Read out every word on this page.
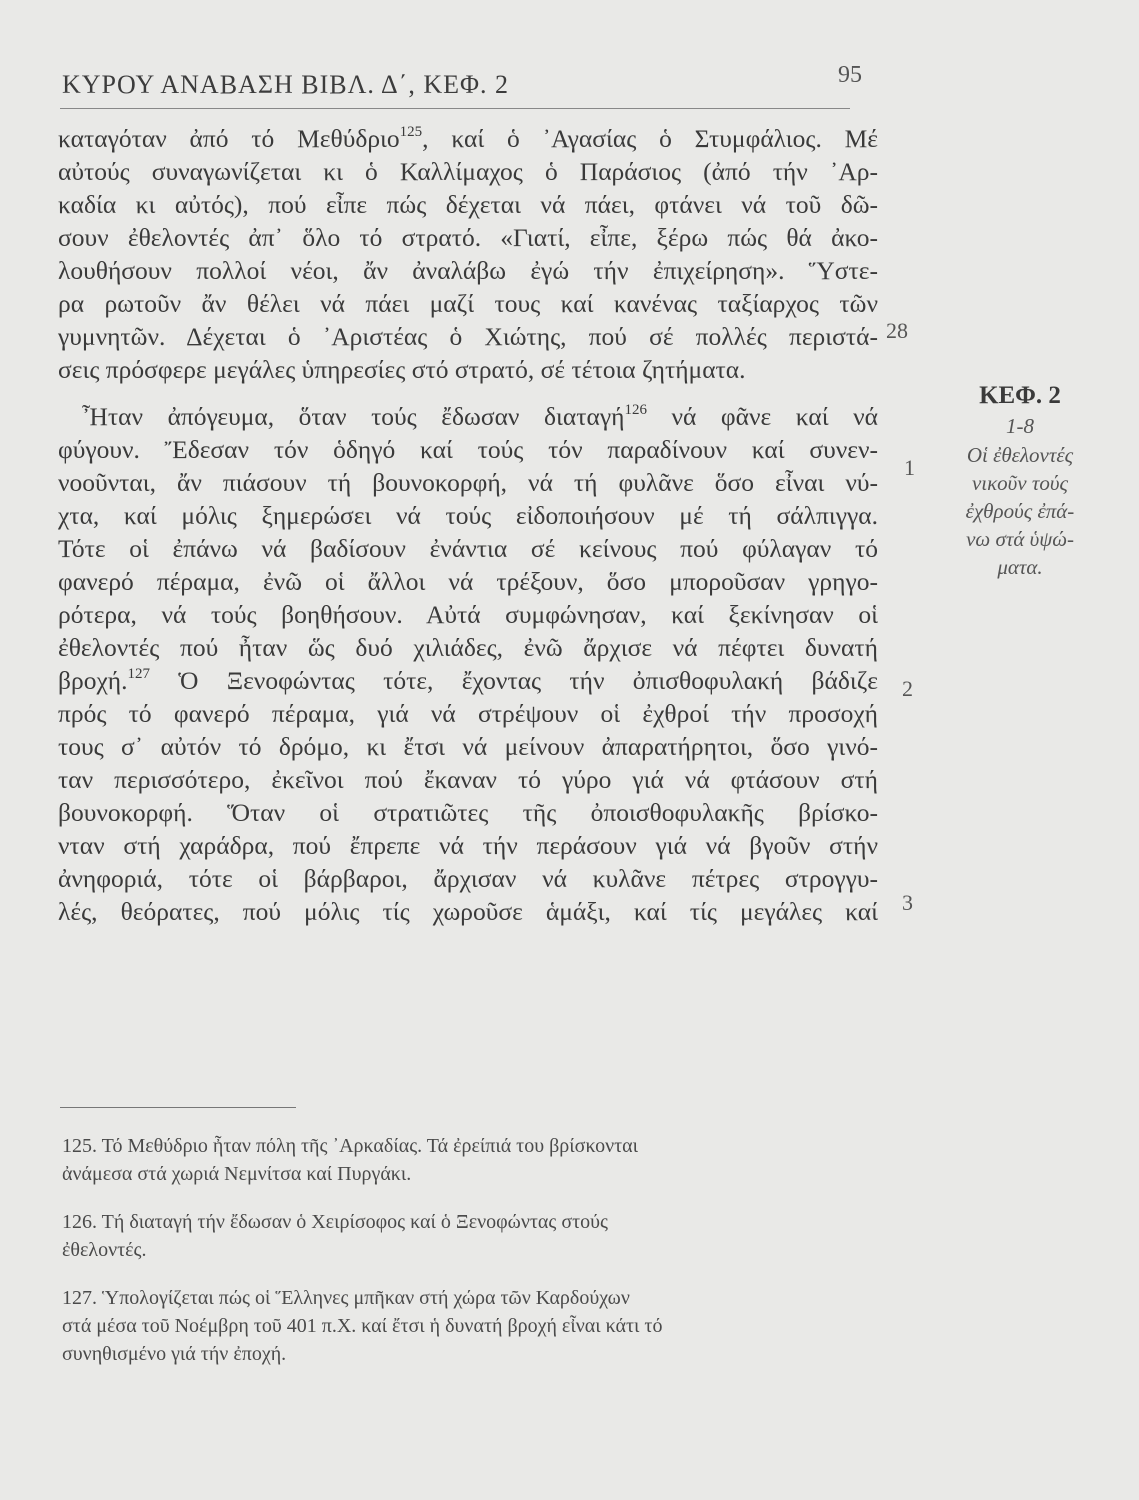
ΚΥΡΟΥ ΑΝΑΒΑΣΗ ΒΙΒΛ. Δ΄, ΚΕΦ. 2	95
καταγόταν ἀπό τό Μεθύδριο$^{125}$, καί ὁ ᾿Αγασίας ὁ Στυμφάλιος. Μέ
αὐτούς συναγωνίζεται κι ὁ Καλλίμαχος ὁ Παράσιος (ἀπό τήν ᾿Αρ-
καδία κι αὐτός), πού εἶπε πώς δέχεται νά πάει, φτάνει νά τοῦ δῶ-
σουν ἐθελοντές ἀπ᾿ ὅλο τό στρατό. «Γιατί, εἶπε, ξέρω πώς θά ἀκο-
λουθήσουν πολλοί νέοι, ἄν ἀναλάβω ἐγώ τήν ἐπιχείρηση». Ὕστε-
ρα ρωτοῦν ἄν θέλει νά πάει μαζί τους καί κανένας ταξίαρχος τῶν
γυμνητῶν. Δέχεται ὁ ᾿Αριστέας ὁ Χιώτης, πού σέ πολλές περιστά-
σεις πρόσφερε μεγάλες ὑπηρεσίες στό στρατό, σέ τέτοια ζητήματα.
Ἦταν ἀπόγευμα, ὅταν τούς ἔδωσαν διαταγή$^{126}$ νά φᾶνε καί νά
φύγουν. Ἔδεσαν τόν ὁδηγό καί τούς τόν παραδίνουν καί συνεν-
νοοῦνται, ἄν πιάσουν τή βουνοκορφή, νά τή φυλᾶνε ὅσο εἶναι νύ-
χτα, καί μόλις ξημερώσει νά τούς εἰδοποιήσουν μέ τή σάλπιγγα.
Τότε οἱ ἐπάνω νά βαδίσουν ἐνάντια σέ κείνους πού φύλαγαν τό
φανερό πέραμα, ἐνῶ οἱ ἄλλοι νά τρέξουν, ὅσο μποροῦσαν γρηγο-
ρότερα, νά τούς βοηθήσουν. Αὐτά συμφώνησαν, καί ξεκίνησαν οἱ
ἐθελοντές πού ἦταν ὥς δυό χιλιάδες, ἐνῶ ἄρχισε νά πέφτει δυνατή
βροχή.$^{127}$ Ὁ Ξενοφώντας τότε, ἔχοντας τήν ὀπισθοφυλακή βάδιζε
πρός τό φανερό πέραμα, γιά νά στρέψουν οἱ ἐχθροί τήν προσοχή
τους σ᾿ αὐτόν τό δρόμο, κι ἔτσι νά μείνουν ἀπαρατήρητοι, ὅσο γινό-
ταν περισσότερο, ἐκεῖνοι πού ἔκαναν τό γύρο γιά νά φτάσουν στή
βουνοκορφή. Ὅταν οἱ στρατιῶτες τῆς ὀποισθοφυλακῆς βρίσκο-
νταν στή χαράδρα, πού ἔπρεπε νά τήν περάσουν γιά νά βγοῦν στήν
ἀνηφοριά, τότε οἱ βάρβαροι, ἄρχισαν νά κυλᾶνε πέτρες στρογγυ-
λές, θεόρατες, πού μόλις τίς χωροῦσε ἁμάξι, καί τίς μεγάλες καί
28
1
2
3
ΚΕΦ. 2
1-8
Οἱ ἐθελοντές
νικοῦν τούς
ἐχθρούς ἐπά-
νω στά ὑψώ-
ματα.
125. Τό Μεθύδριο ἦταν πόλη τῆς ᾿Αρκαδίας. Τά ἐρείπιά του βρίσκονται
ἀνάμεσα στά χωριά Νεμνίτσα καί Πυργάκι.
126. Τή διαταγή τήν ἔδωσαν ὁ Χειρίσοφος καί ὁ Ξενοφώντας στούς
ἐθελοντές.
127. Ὑπολογίζεται πώς οἱ Ἕλληνες μπῆκαν στή χώρα τῶν Καρδούχων
στά μέσα τοῦ Νοέμβρη τοῦ 401 π.Χ. καί ἔτσι ἡ δυνατή βροχή εἶναι κάτι τό
συνηθισμένο γιά τήν ἐποχή.
